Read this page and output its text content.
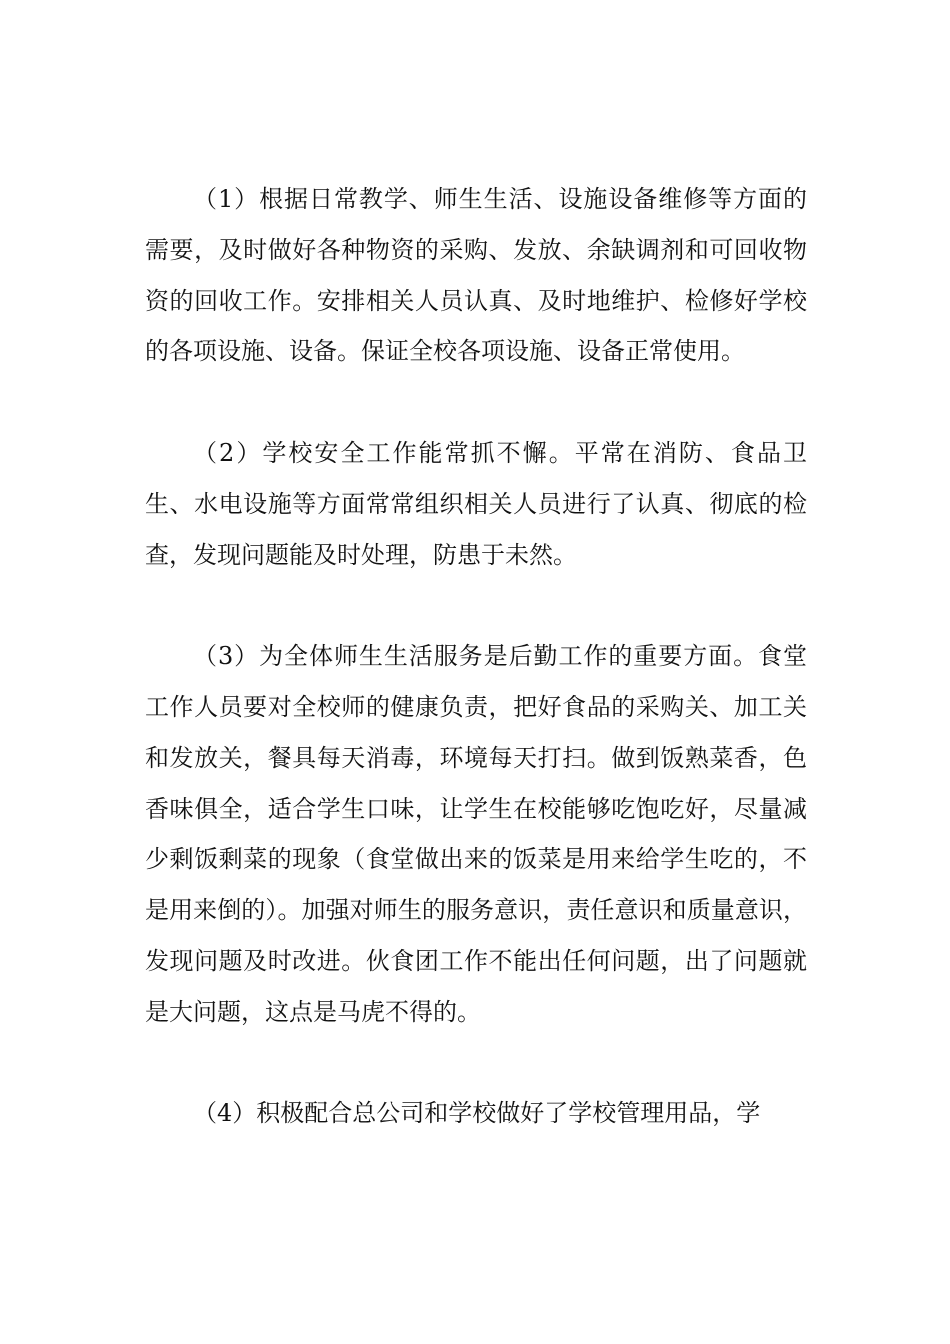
（1）根据日常教学、师生生活、设施设备维修等方面的需要，及时做好各种物资的采购、发放、余缺调剂和可回收物资的回收工作。安排相关人员认真、及时地维护、检修好学校的各项设施、设备。保证全校各项设施、设备正常使用。

（2）学校安全工作能常抓不懈。平常在消防、食品卫生、水电设施等方面常常组织相关人员进行了认真、彻底的检查，发现问题能及时处理，防患于未然。

（3）为全体师生生活服务是后勤工作的重要方面。食堂工作人员要对全校师的健康负责，把好食品的采购关、加工关和发放关，餐具每天消毒，环境每天打扫。做到饭熟菜香，色香味俱全，适合学生口味，让学生在校能够吃饱吃好，尽量减少剩饭剩菜的现象（食堂做出来的饭菜是用来给学生吃的，不是用来倒的）。加强对师生的服务意识，责任意识和质量意识，发现问题及时改进。伙食团工作不能出任何问题，出了问题就是大问题，这点是马虎不得的。

（4）积极配合总公司和学校做好了学校管理用品，学
